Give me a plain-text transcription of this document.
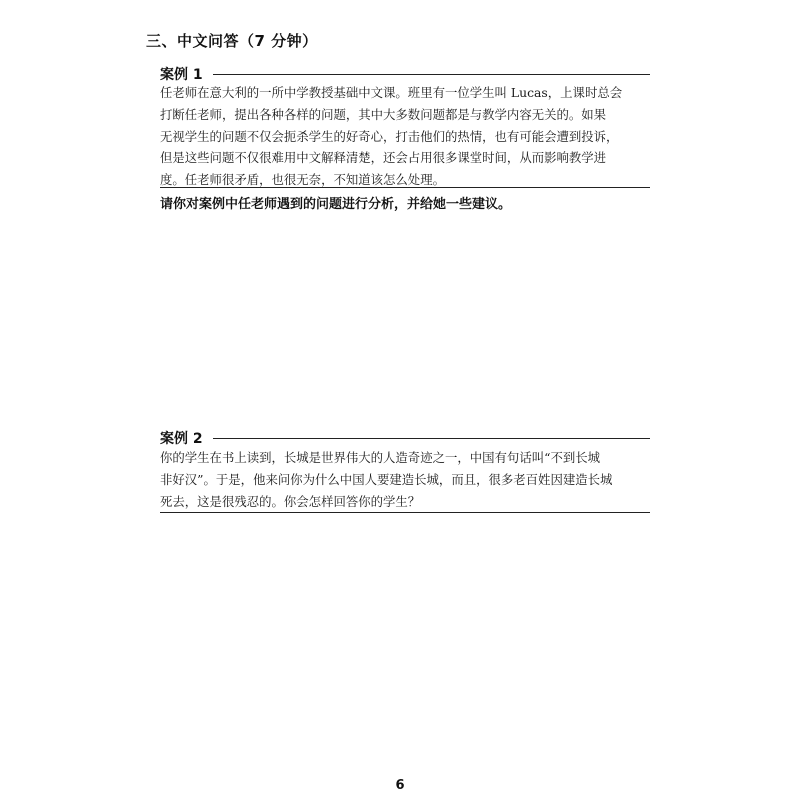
三、中文问答（7 分钟）
案例 1
任老师在意大利的一所中学教授基础中文课。班里有一位学生叫 Lucas，上课时总会
打断任老师，提出各种各样的问题，其中大多数问题都是与教学内容无关的。如果
无视学生的问题不仅会扼杀学生的好奇心，打击他们的热情，也有可能会遭到投诉，
但是这些问题不仅很难用中文解释清楚，还会占用很多课堂时间，从而影响教学进
度。任老师很矛盾，也很无奈，不知道该怎么处理。
请你对案例中任老师遇到的问题进行分析，并给她一些建议。
案例 2
你的学生在书上读到，长城是世界伟大的人造奇迹之一，中国有句话叫“不到长城
非好汉”。于是，他来问你为什么中国人要建造长城，而且，很多老百姓因建造长城
死去，这是很残忍的。你会怎样回答你的学生？
6
